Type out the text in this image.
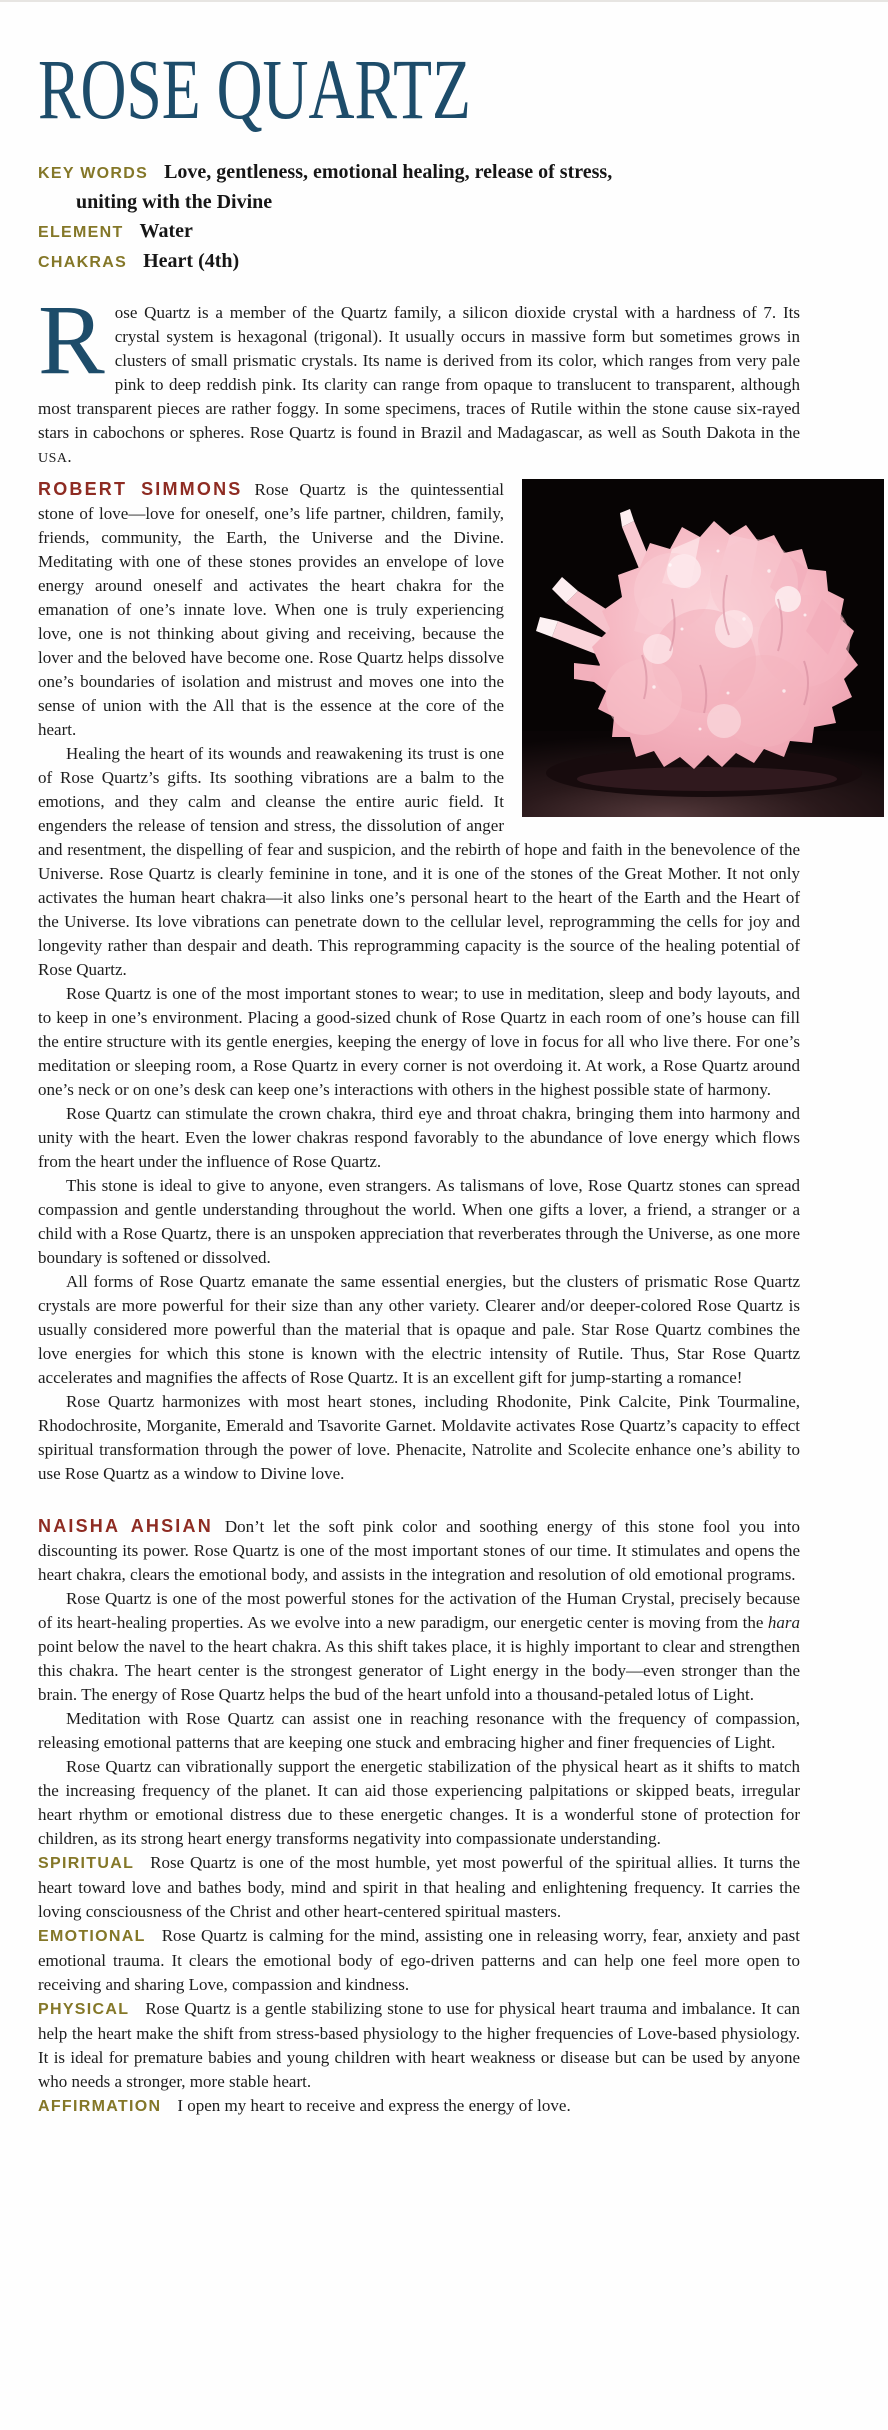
ROSE QUARTZ

KEY WORDS Love, gentleness, emotional healing, release of stress, uniting with the Divine

ELEMENT Water

CHAKRAS Heart (4th)

Rose Quartz is a member of the Quartz family, a silicon dioxide crystal with a hardness of 7. Its crystal system is hexagonal (trigonal). It usually occurs in massive form but sometimes grows in clusters of small prismatic crystals. Its name is derived from its color, which ranges from very pale pink to deep reddish pink. Its clarity can range from opaque to translucent to transparent, although most transparent pieces are rather foggy. In some specimens, traces of Rutile within the stone cause six-rayed stars in cabochons or spheres. Rose Quartz is found in Brazil and Madagascar, as well as South Dakota in the USA.

ROBERT SIMMONS Rose Quartz is the quintessential stone of love—love for oneself, one’s life partner, children, family, friends, community, the Earth, the Universe and the Divine. Meditating with one of these stones provides an envelope of love energy around oneself and activates the heart chakra for the emanation of one’s innate love. When one is truly experiencing love, one is not thinking about giving and receiving, because the lover and the beloved have become one. Rose Quartz helps dissolve one’s boundaries of isolation and mistrust and moves one into the sense of union with the All that is the essence at the core of the heart.

Healing the heart of its wounds and reawakening its trust is one of Rose Quartz’s gifts. Its soothing vibrations are a balm to the emotions, and they calm and cleanse the entire auric field. It engenders the release of tension and stress, the dissolution of anger and resentment, the dispelling of fear and suspicion, and the rebirth of hope and faith in the benevolence of the Universe. Rose Quartz is clearly feminine in tone, and it is one of the stones of the Great Mother. It not only activates the human heart chakra—it also links one’s personal heart to the heart of the Earth and the Heart of the Universe. Its love vibrations can penetrate down to the cellular level, reprogramming the cells for joy and longevity rather than despair and death. This reprogramming capacity is the source of the healing potential of Rose Quartz.

Rose Quartz is one of the most important stones to wear; to use in meditation, sleep and body layouts, and to keep in one’s environment. Placing a good-sized chunk of Rose Quartz in each room of one’s house can fill the entire structure with its gentle energies, keeping the energy of love in focus for all who live there. For one’s meditation or sleeping room, a Rose Quartz in every corner is not overdoing it. At work, a Rose Quartz around one’s neck or on one’s desk can keep one’s interactions with others in the highest possible state of harmony.

Rose Quartz can stimulate the crown chakra, third eye and throat chakra, bringing them into harmony and unity with the heart. Even the lower chakras respond favorably to the abundance of love energy which flows from the heart under the influence of Rose Quartz.

This stone is ideal to give to anyone, even strangers. As talismans of love, Rose Quartz stones can spread compassion and gentle understanding throughout the world. When one gifts a lover, a friend, a stranger or a child with a Rose Quartz, there is an unspoken appreciation that reverberates through the Universe, as one more boundary is softened or dissolved.

All forms of Rose Quartz emanate the same essential energies, but the clusters of prismatic Rose Quartz crystals are more powerful for their size than any other variety. Clearer and/or deeper-colored Rose Quartz is usually considered more powerful than the material that is opaque and pale. Star Rose Quartz combines the love energies for which this stone is known with the electric intensity of Rutile. Thus, Star Rose Quartz accelerates and magnifies the affects of Rose Quartz. It is an excellent gift for jump-starting a romance!

Rose Quartz harmonizes with most heart stones, including Rhodonite, Pink Calcite, Pink Tourmaline, Rhodochrosite, Morganite, Emerald and Tsavorite Garnet. Moldavite activates Rose Quartz’s capacity to effect spiritual transformation through the power of love. Phenacite, Natrolite and Scolecite enhance one’s ability to use Rose Quartz as a window to Divine love.

NAISHA AHSIAN Don’t let the soft pink color and soothing energy of this stone fool you into discounting its power. Rose Quartz is one of the most important stones of our time. It stimulates and opens the heart chakra, clears the emotional body, and assists in the integration and resolution of old emotional programs.

Rose Quartz is one of the most powerful stones for the activation of the Human Crystal, precisely because of its heart-healing properties. As we evolve into a new paradigm, our energetic center is moving from the hara point below the navel to the heart chakra. As this shift takes place, it is highly important to clear and strengthen this chakra. The heart center is the strongest generator of Light energy in the body—even stronger than the brain. The energy of Rose Quartz helps the bud of the heart unfold into a thousand-petaled lotus of Light.

Meditation with Rose Quartz can assist one in reaching resonance with the frequency of compassion, releasing emotional patterns that are keeping one stuck and embracing higher and finer frequencies of Light.

Rose Quartz can vibrationally support the energetic stabilization of the physical heart as it shifts to match the increasing frequency of the planet. It can aid those experiencing palpitations or skipped beats, irregular heart rhythm or emotional distress due to these energetic changes. It is a wonderful stone of protection for children, as its strong heart energy transforms negativity into compassionate understanding.

SPIRITUAL Rose Quartz is one of the most humble, yet most powerful of the spiritual allies. It turns the heart toward love and bathes body, mind and spirit in that healing and enlightening frequency. It carries the loving consciousness of the Christ and other heart-centered spiritual masters.

EMOTIONAL Rose Quartz is calming for the mind, assisting one in releasing worry, fear, anxiety and past emotional trauma. It clears the emotional body of ego-driven patterns and can help one feel more open to receiving and sharing Love, compassion and kindness.

PHYSICAL Rose Quartz is a gentle stabilizing stone to use for physical heart trauma and imbalance. It can help the heart make the shift from stress-based physiology to the higher frequencies of Love-based physiology. It is ideal for premature babies and young children with heart weakness or disease but can be used by anyone who needs a stronger, more stable heart.

AFFIRMATION I open my heart to receive and express the energy of love.
